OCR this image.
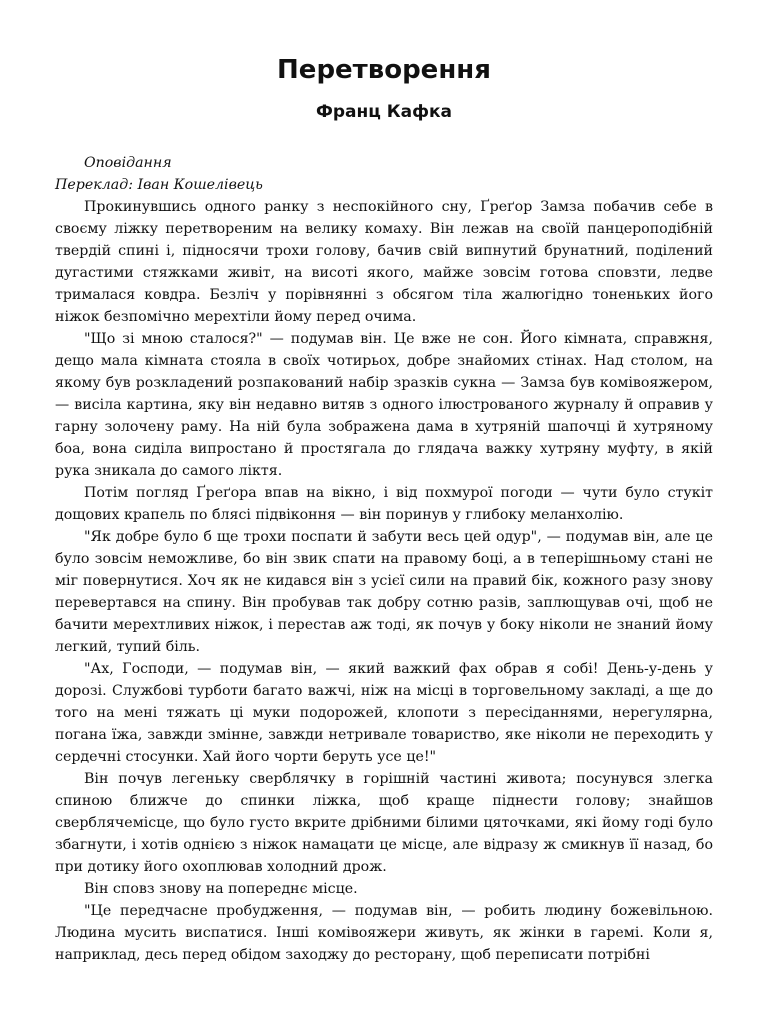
Перетворення
Франц Кафка

Оповідання

Переклад: Іван Кошелівець

Прокинувшись одного ранку з неспокійного сну, Ґреґор Замза побачив себе в своєму ліжку перетвореним на велику комаху. Він лежав на своїй панцероподібній твердій спині і, підносячи трохи голову, бачив свій випнутий брунатний, поділений дугастими стяжками живіт, на висоті якого, майже зовсім готова сповзти, ледве трималася ковдра. Безліч у порівнянні з обсягом тіла жалюгідно тоненьких його ніжок безпомічно мерехтіли йому перед очима.

"Що зі мною сталося?" — подумав він. Це вже не сон. Його кімната, справжня, дещо мала кімната стояла в своїх чотирьох, добре знайомих стінах. Над столом, на якому був розкладений розпакований набір зразків сукна — Замза був комівояжером, — висіла картина, яку він недавно витяв з одного ілюстрованого журналу й оправив у гарну золочену раму. На ній була зображена дама в хутряній шапочці й хутряному боа, вона сиділа випростано й простягала до глядача важку хутряну муфту, в якій рука зникала до самого ліктя.

Потім погляд Ґреґора впав на вікно, і від похмурої погоди — чути було стукіт дощових крапель по блясі підвіконня — він поринув у глибоку меланхолію.

"Як добре було б ще трохи поспати й забути весь цей одур", — подумав він, але це було зовсім неможливе, бо він звик спати на правому боці, а в теперішньому стані не міг повернутися. Хоч як не кидався він з усієї сили на правий бік, кожного разу знову перевертався на спину. Він пробував так добру сотню разів, заплющував очі, щоб не бачити мерехтливих ніжок, і перестав аж тоді, як почув у боку ніколи не знаний йому легкий, тупий біль.

"Ах, Господи, — подумав він, — який важкий фах обрав я собі! День-у-день у дорозі. Службові турботи багато важчі, ніж на місці в торговельному закладі, а ще до того на мені тяжать ці муки подорожей, клопоти з пересіданнями, нерегулярна, погана їжа, завжди змінне, завжди нетривале товариство, яке ніколи не переходить у сердечні стосунки. Хай його чорти беруть усе це!"

Він почув легеньку сверблячку в горішній частині живота; посунувся злегка спиною ближче до спинки ліжка, щоб краще піднести голову; знайшов сверблячемісце, що було густо вкрите дрібними білими цяточками, які йому годі було збагнути, і хотів однією з ніжок намацати це місце, але відразу ж смикнув її назад, бо при дотику його охоплював холодний дрож.

Він сповз знову на попереднє місце.

"Це передчасне пробудження, — подумав він, — робить людину божевільною. Людина мусить виспатися. Інші комівояжери живуть, як жінки в гаремі. Коли я, наприклад, десь перед обідом заходжу до ресторану, щоб переписати потрібні
